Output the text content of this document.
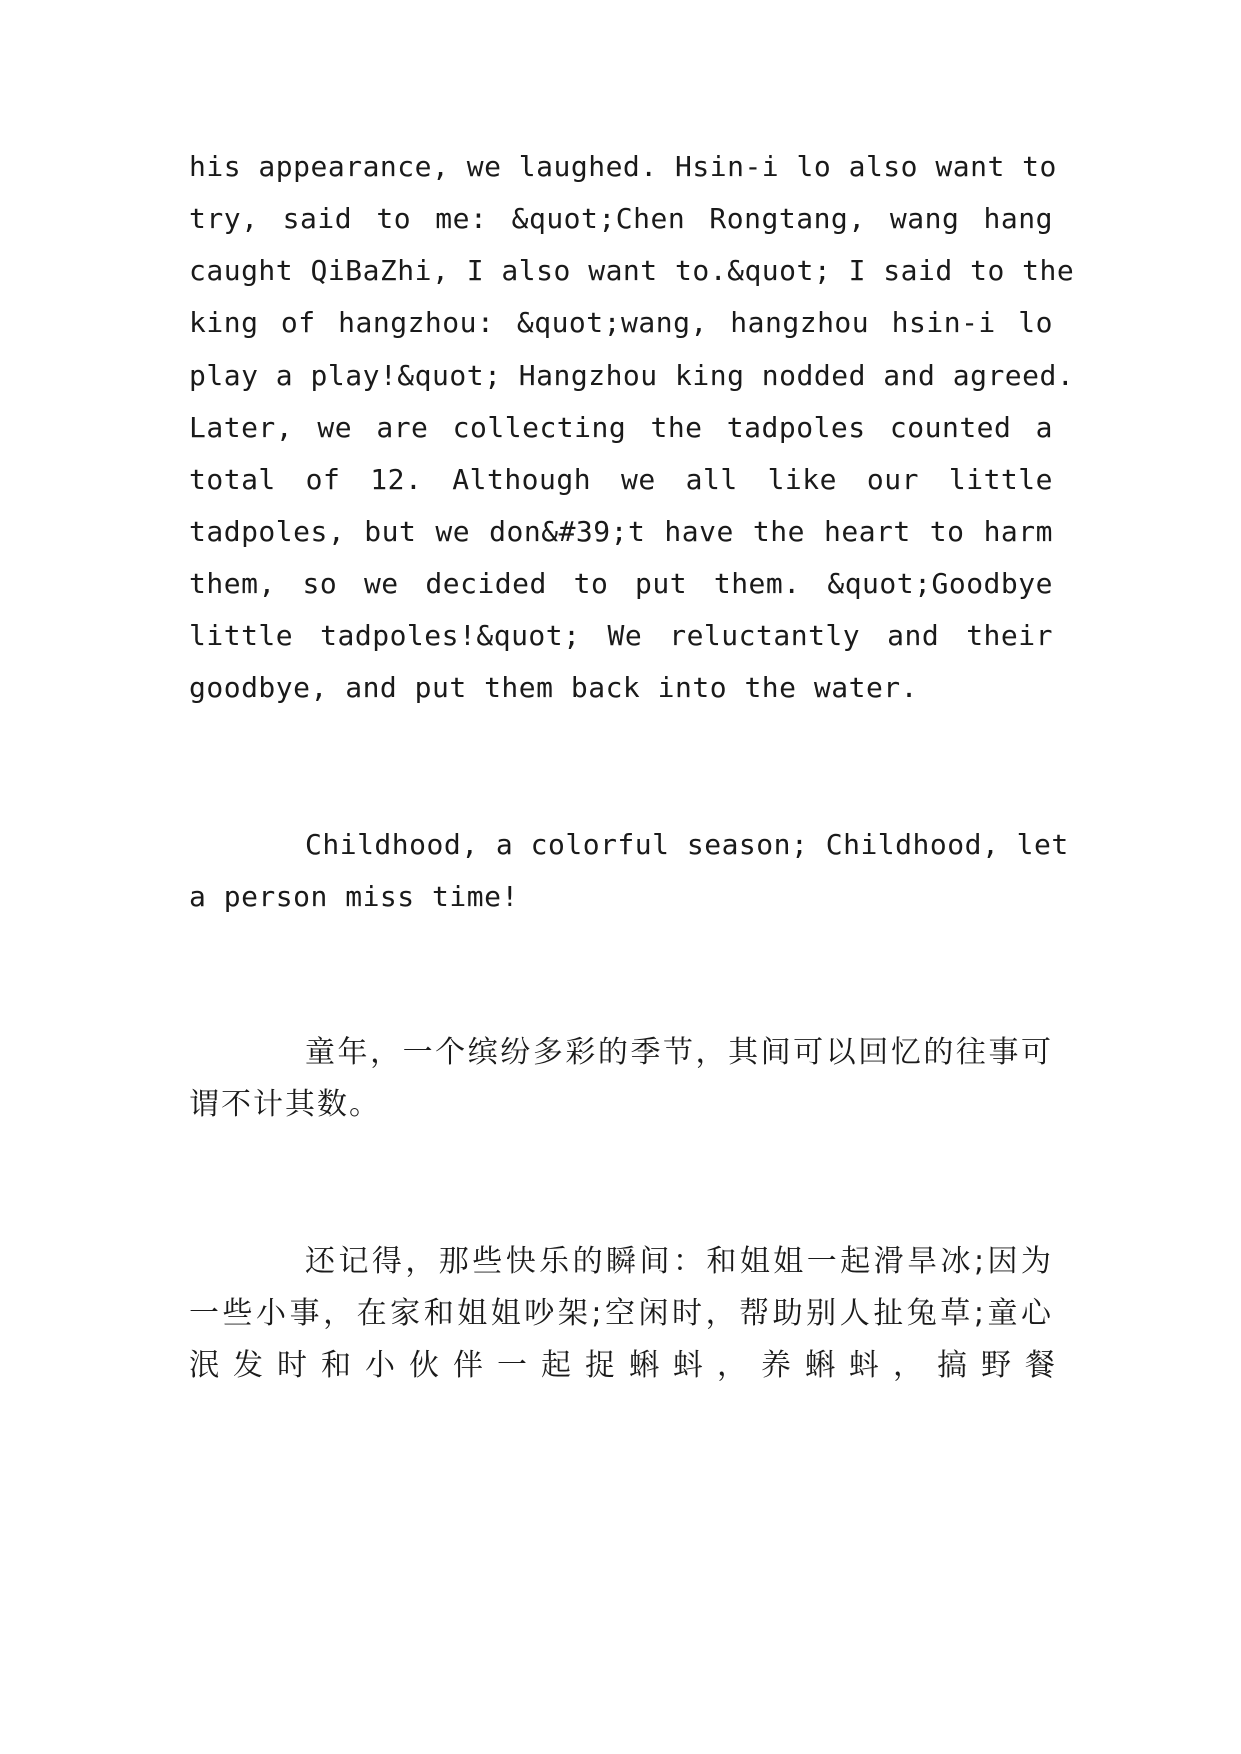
his appearance, we laughed. Hsin-i lo also want to
try, said to me: &quot;Chen Rongtang, wang hang
caught QiBaZhi, I also want to.&quot; I said to the
king of hangzhou: &quot;wang, hangzhou hsin-i lo
play a play!&quot; Hangzhou king nodded and agreed.
Later, we are collecting the tadpoles counted a
total of 12. Although we all like our little
tadpoles, but we don&#39;t have the heart to harm
them, so we decided to put them. &quot;Goodbye
little tadpoles!&quot; We reluctantly and their
goodbye, and put them back into the water.
Childhood, a colorful season; Childhood, let
a person miss time!
童年，一个缤纷多彩的季节，其间可以回忆的往事可
谓不计其数。
还记得，那些快乐的瞬间：和姐姐一起滑旱冰;因为
一些小事，在家和姐姐吵架;空闲时，帮助别人扯兔草;童心
泯发时和小伙伴一起捉蝌蚪，养蝌蚪，搞野餐
